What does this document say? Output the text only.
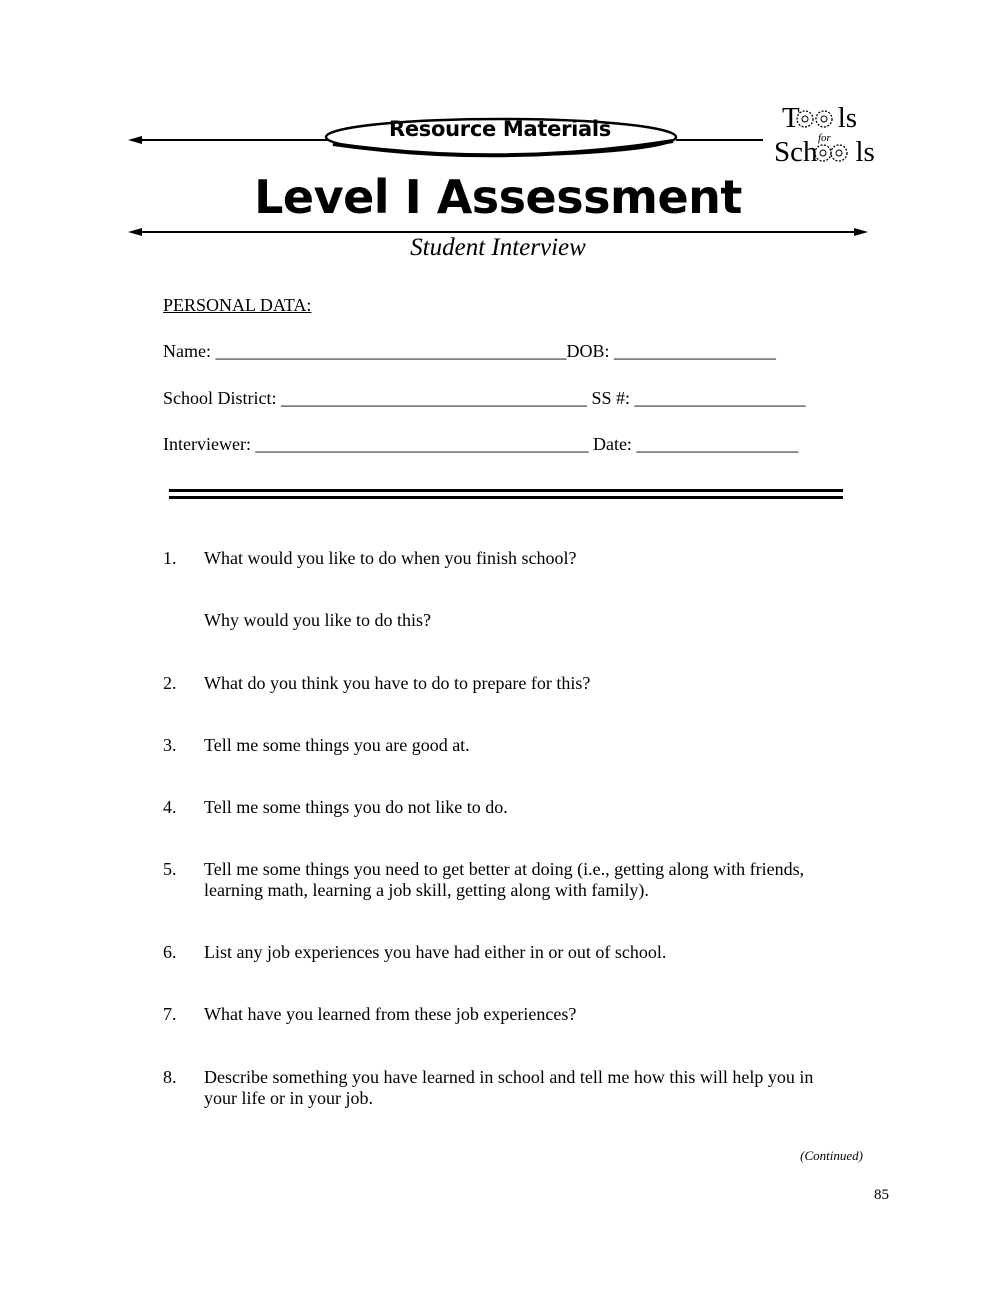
Resource Materials	T ls
for
Sch ls
Level I Assessment
Student Interview
PERSONAL DATA:
Name: _______________________________________DOB: __________________
School District: __________________________________ SS #: ___________________
Interviewer: _____________________________________ Date: __________________
1. What would you like to do when you finish school?
Why would you like to do this?
2. What do you think you have to do to prepare for this?
3. Tell me some things you are good at.
4. Tell me some things you do not like to do.
5. Tell me some things you need to get better at doing (i.e., getting along with friends, learning math, learning a job skill, getting along with family).
6. List any job experiences you have had either in or out of school.
7. What have you learned from these job experiences?
8. Describe something you have learned in school and tell me how this will help you in your life or in your job.
(Continued)
85
